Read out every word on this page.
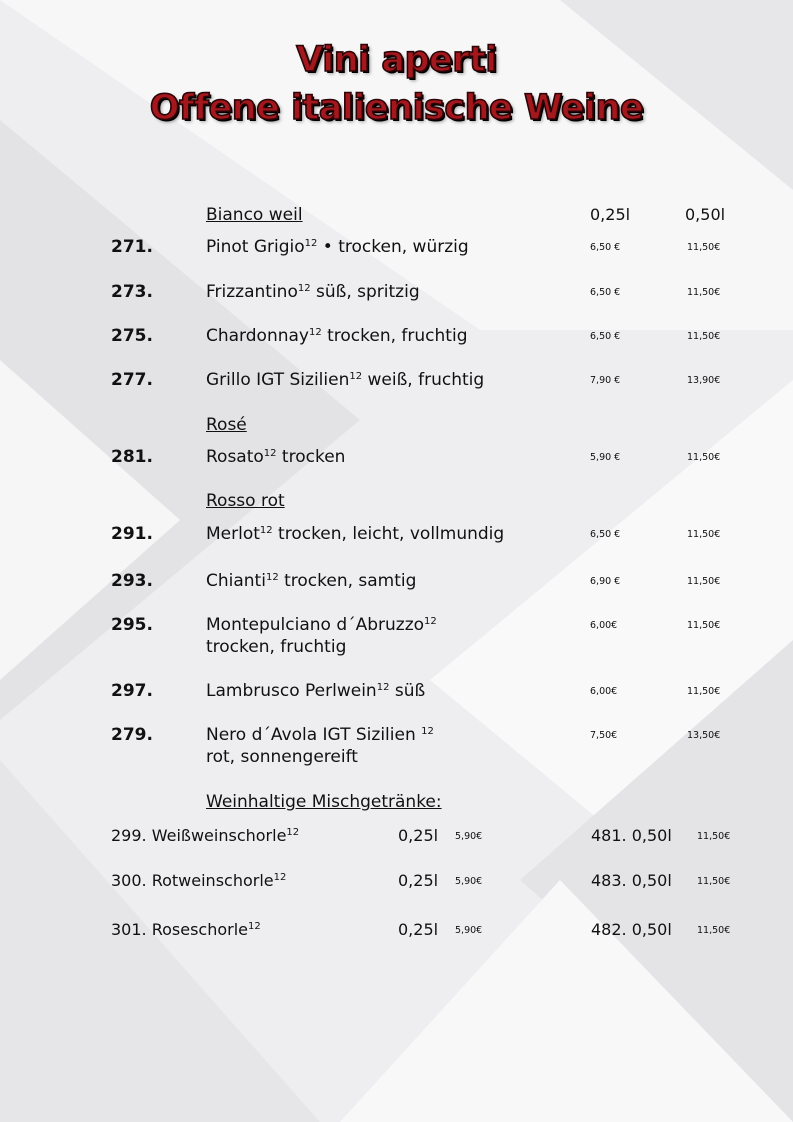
Vini aperti
Offene italienische Weine
Bianco weil	0,25l	0,50l
271.	Pinot Grigio$^{12}$ • trocken, würzig	6,50 €	11,50€
273.	Frizzantino$^{12}$ süß, spritzig	6,50 €	11,50€
275.	Chardonnay$^{12}$ trocken, fruchtig	6,50 €	11,50€
277.	Grillo IGT Sizilien$^{12}$ weiß, fruchtig	7,90 €	13,90€
Rosé
281.	Rosato$^{12}$ trocken	5,90 €	11,50€
Rosso rot
291.	Merlot$^{12}$ trocken, leicht, vollmundig	6,50 €	11,50€
293.	Chianti$^{12}$ trocken, samtig	6,90 €	11,50€
295.	Montepulciano d´Abruzzo$^{12}$	6,00€	11,50€
trocken, fruchtig
297.	Lambrusco Perlwein$^{12}$ süß	6,00€	11,50€
279.	Nero d´Avola IGT Sizilien $^{12}$	7,50€	13,50€
rot, sonnengereift
Weinhaltige Mischgetränke:
299. Weißweinschorle$^{12}$	0,25l 5,90€	481. 0,50l	11,50€
300. Rotweinschorle$^{12}$	0,25l 5,90€	483. 0,50l	11,50€
301. Roseschorle$^{12}$	0,25l 5,90€	482. 0,50l	11,50€
